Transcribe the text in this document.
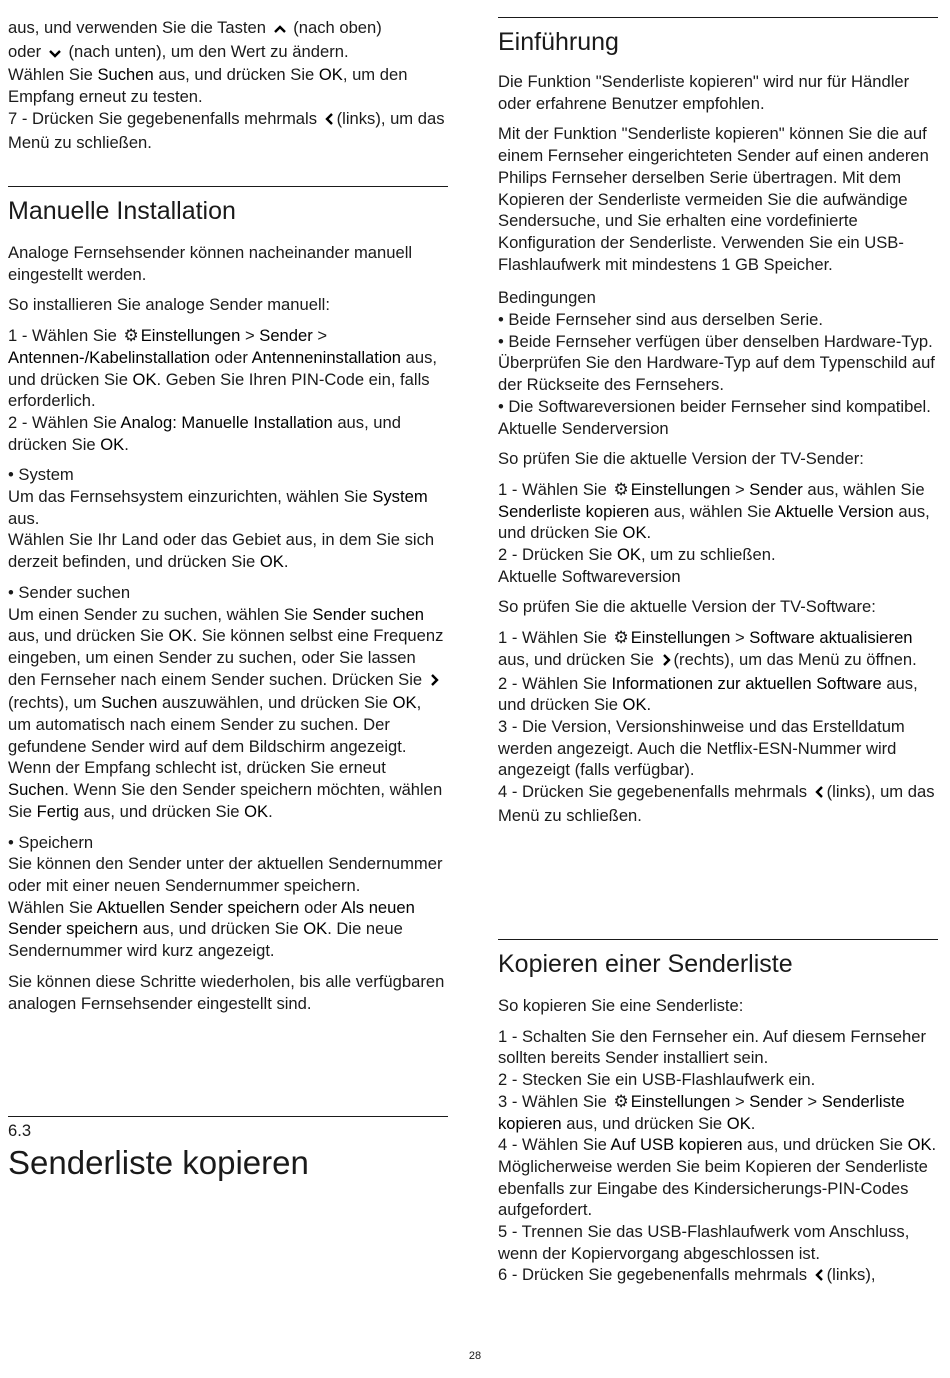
aus, und verwenden Sie die Tasten  (nach oben)

oder  (nach unten), um den Wert zu ändern.

Wählen Sie Suchen aus, und drücken Sie OK, um den Empfang erneut zu testen.

7 - Drücken Sie gegebenenfalls mehrmals (links), um das Menü zu schließen.

Manuelle Installation

Analoge Fernsehsender können nacheinander manuell eingestellt werden.

So installieren Sie analoge Sender manuell:

1 - Wählen Sie ⚙ Einstellungen > Sender > Antennen-/Kabelinstallation oder Antenneninstallation aus, und drücken Sie OK. Geben Sie Ihren PIN-Code ein, falls erforderlich.

2 - Wählen Sie Analog: Manuelle Installation aus, und drücken Sie OK.

• System

Um das Fernsehsystem einzurichten, wählen Sie System aus.

Wählen Sie Ihr Land oder das Gebiet aus, in dem Sie sich derzeit befinden, und drücken Sie OK.

• Sender suchen

Um einen Sender zu suchen, wählen Sie Sender suchen aus, und drücken Sie OK. Sie können selbst eine Frequenz eingeben, um einen Sender zu suchen, oder Sie lassen den Fernseher nach einem Sender suchen. Drücken Sie (rechts), um Suchen auszuwählen, und drücken Sie OK, um automatisch nach einem Sender zu suchen. Der gefundene Sender wird auf dem Bildschirm angezeigt. Wenn der Empfang schlecht ist, drücken Sie erneut Suchen. Wenn Sie den Sender speichern möchten, wählen Sie Fertig aus, und drücken Sie OK.

• Speichern

Sie können den Sender unter der aktuellen Sendernummer oder mit einer neuen Sendernummer speichern.

Wählen Sie Aktuellen Sender speichern oder Als neuen Sender speichern aus, und drücken Sie OK. Die neue Sendernummer wird kurz angezeigt.

Sie können diese Schritte wiederholen, bis alle verfügbaren analogen Fernsehsender eingestellt sind.

6.3
Senderliste kopieren
Einführung

Die Funktion "Senderliste kopieren" wird nur für Händler oder erfahrene Benutzer empfohlen.

Mit der Funktion "Senderliste kopieren" können Sie die auf einem Fernseher eingerichteten Sender auf einen anderen Philips Fernseher derselben Serie übertragen. Mit dem Kopieren der Senderliste vermeiden Sie die aufwändige Sendersuche, und Sie erhalten eine vordefinierte Konfiguration der Senderliste. Verwenden Sie ein USB-Flashlaufwerk mit mindestens 1 GB Speicher.

Bedingungen

• Beide Fernseher sind aus derselben Serie.

• Beide Fernseher verfügen über denselben Hardware-Typ. Überprüfen Sie den Hardware-Typ auf dem Typenschild auf der Rückseite des Fernsehers.

• Die Softwareversionen beider Fernseher sind kompatibel.

Aktuelle Senderversion

So prüfen Sie die aktuelle Version der TV-Sender:

1 - Wählen Sie ⚙ Einstellungen > Sender aus, wählen Sie Senderliste kopieren aus, wählen Sie Aktuelle Version aus, und drücken Sie OK.

2 - Drücken Sie OK, um zu schließen.

Aktuelle Softwareversion

So prüfen Sie die aktuelle Version der TV-Software:

1 - Wählen Sie ⚙ Einstellungen > Software aktualisieren aus, und drücken Sie (rechts), um das Menü zu öffnen.

2 - Wählen Sie Informationen zur aktuellen Software aus, und drücken Sie OK.

3 - Die Version, Versionshinweise und das Erstelldatum werden angezeigt. Auch die Netflix-ESN-Nummer wird angezeigt (falls verfügbar).

4 - Drücken Sie gegebenenfalls mehrmals (links), um das Menü zu schließen.

Kopieren einer Senderliste

So kopieren Sie eine Senderliste:

1 - Schalten Sie den Fernseher ein. Auf diesem Fernseher sollten bereits Sender installiert sein.

2 - Stecken Sie ein USB-Flashlaufwerk ein.

3 - Wählen Sie ⚙ Einstellungen > Sender > Senderliste kopieren aus, und drücken Sie OK.

4 - Wählen Sie Auf USB kopieren aus, und drücken Sie OK. Möglicherweise werden Sie beim Kopieren der Senderliste ebenfalls zur Eingabe des Kindersicherungs-PIN-Codes aufgefordert.

5 - Trennen Sie das USB-Flashlaufwerk vom Anschluss, wenn der Kopiervorgang abgeschlossen ist.

6 - Drücken Sie gegebenenfalls mehrmals (links),

28
